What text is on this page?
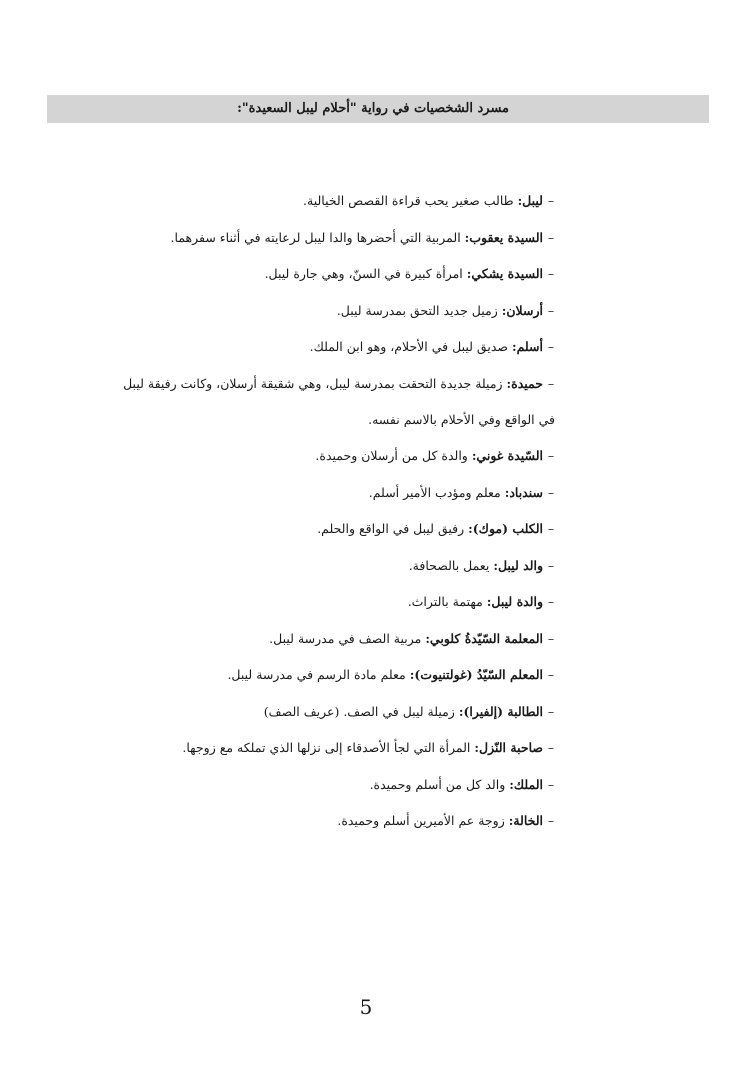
مسرد الشخصيات في رواية "أحلام ليبل السعيدة":
–
ليبل: طالب صغير يحب قراءة القصص الخيالية.
–
السيدة يعقوب: المربية التي أحضرها والدا ليبل لرعايته في أثناء سفرهما.
–
السيدة يشكي: امرأة كبيرة في السنّ، وهي جارة ليبل.
–
أرسلان: زميل جديد التحق بمدرسة ليبل.
–
أسلم: صديق ليبل في الأحلام، وهو ابن الملك.
–
حميدة: زميلة جديدة التحقت بمدرسة ليبل، وهي شقيقة أرسلان، وكانت رفيقة ليبل
في الواقع وفي الأحلام بالاسم نفسه.
–
السّيدة غوني: والدة كل من أرسلان وحميدة.
–
سندباد: معلم ومؤدب الأمير أسلم.
–
الكلب (موك): رفيق ليبل في الواقع والحلم.
–
والد ليبل: يعمل بالصحافة.
–
والدة ليبل: مهتمة بالتراث.
–
المعلمة السّيّدةُ كلوبي: مربية الصف في مدرسة ليبل.
–
المعلم السّيّدُ (غولتنيوت): معلم مادة الرسم في مدرسة ليبل.
–
الطالبة (إلفيرا): زميلة ليبل في الصف. (عريف الصف)
–
صاحبة النّزل: المرأة التي لجأ الأصدقاء إلى نزلها الذي تملكه مع زوجها.
–
الملك: والد كل من أسلم وحميدة.
–
الخالة: زوجة عم الأميرين أسلم وحميدة.
5
